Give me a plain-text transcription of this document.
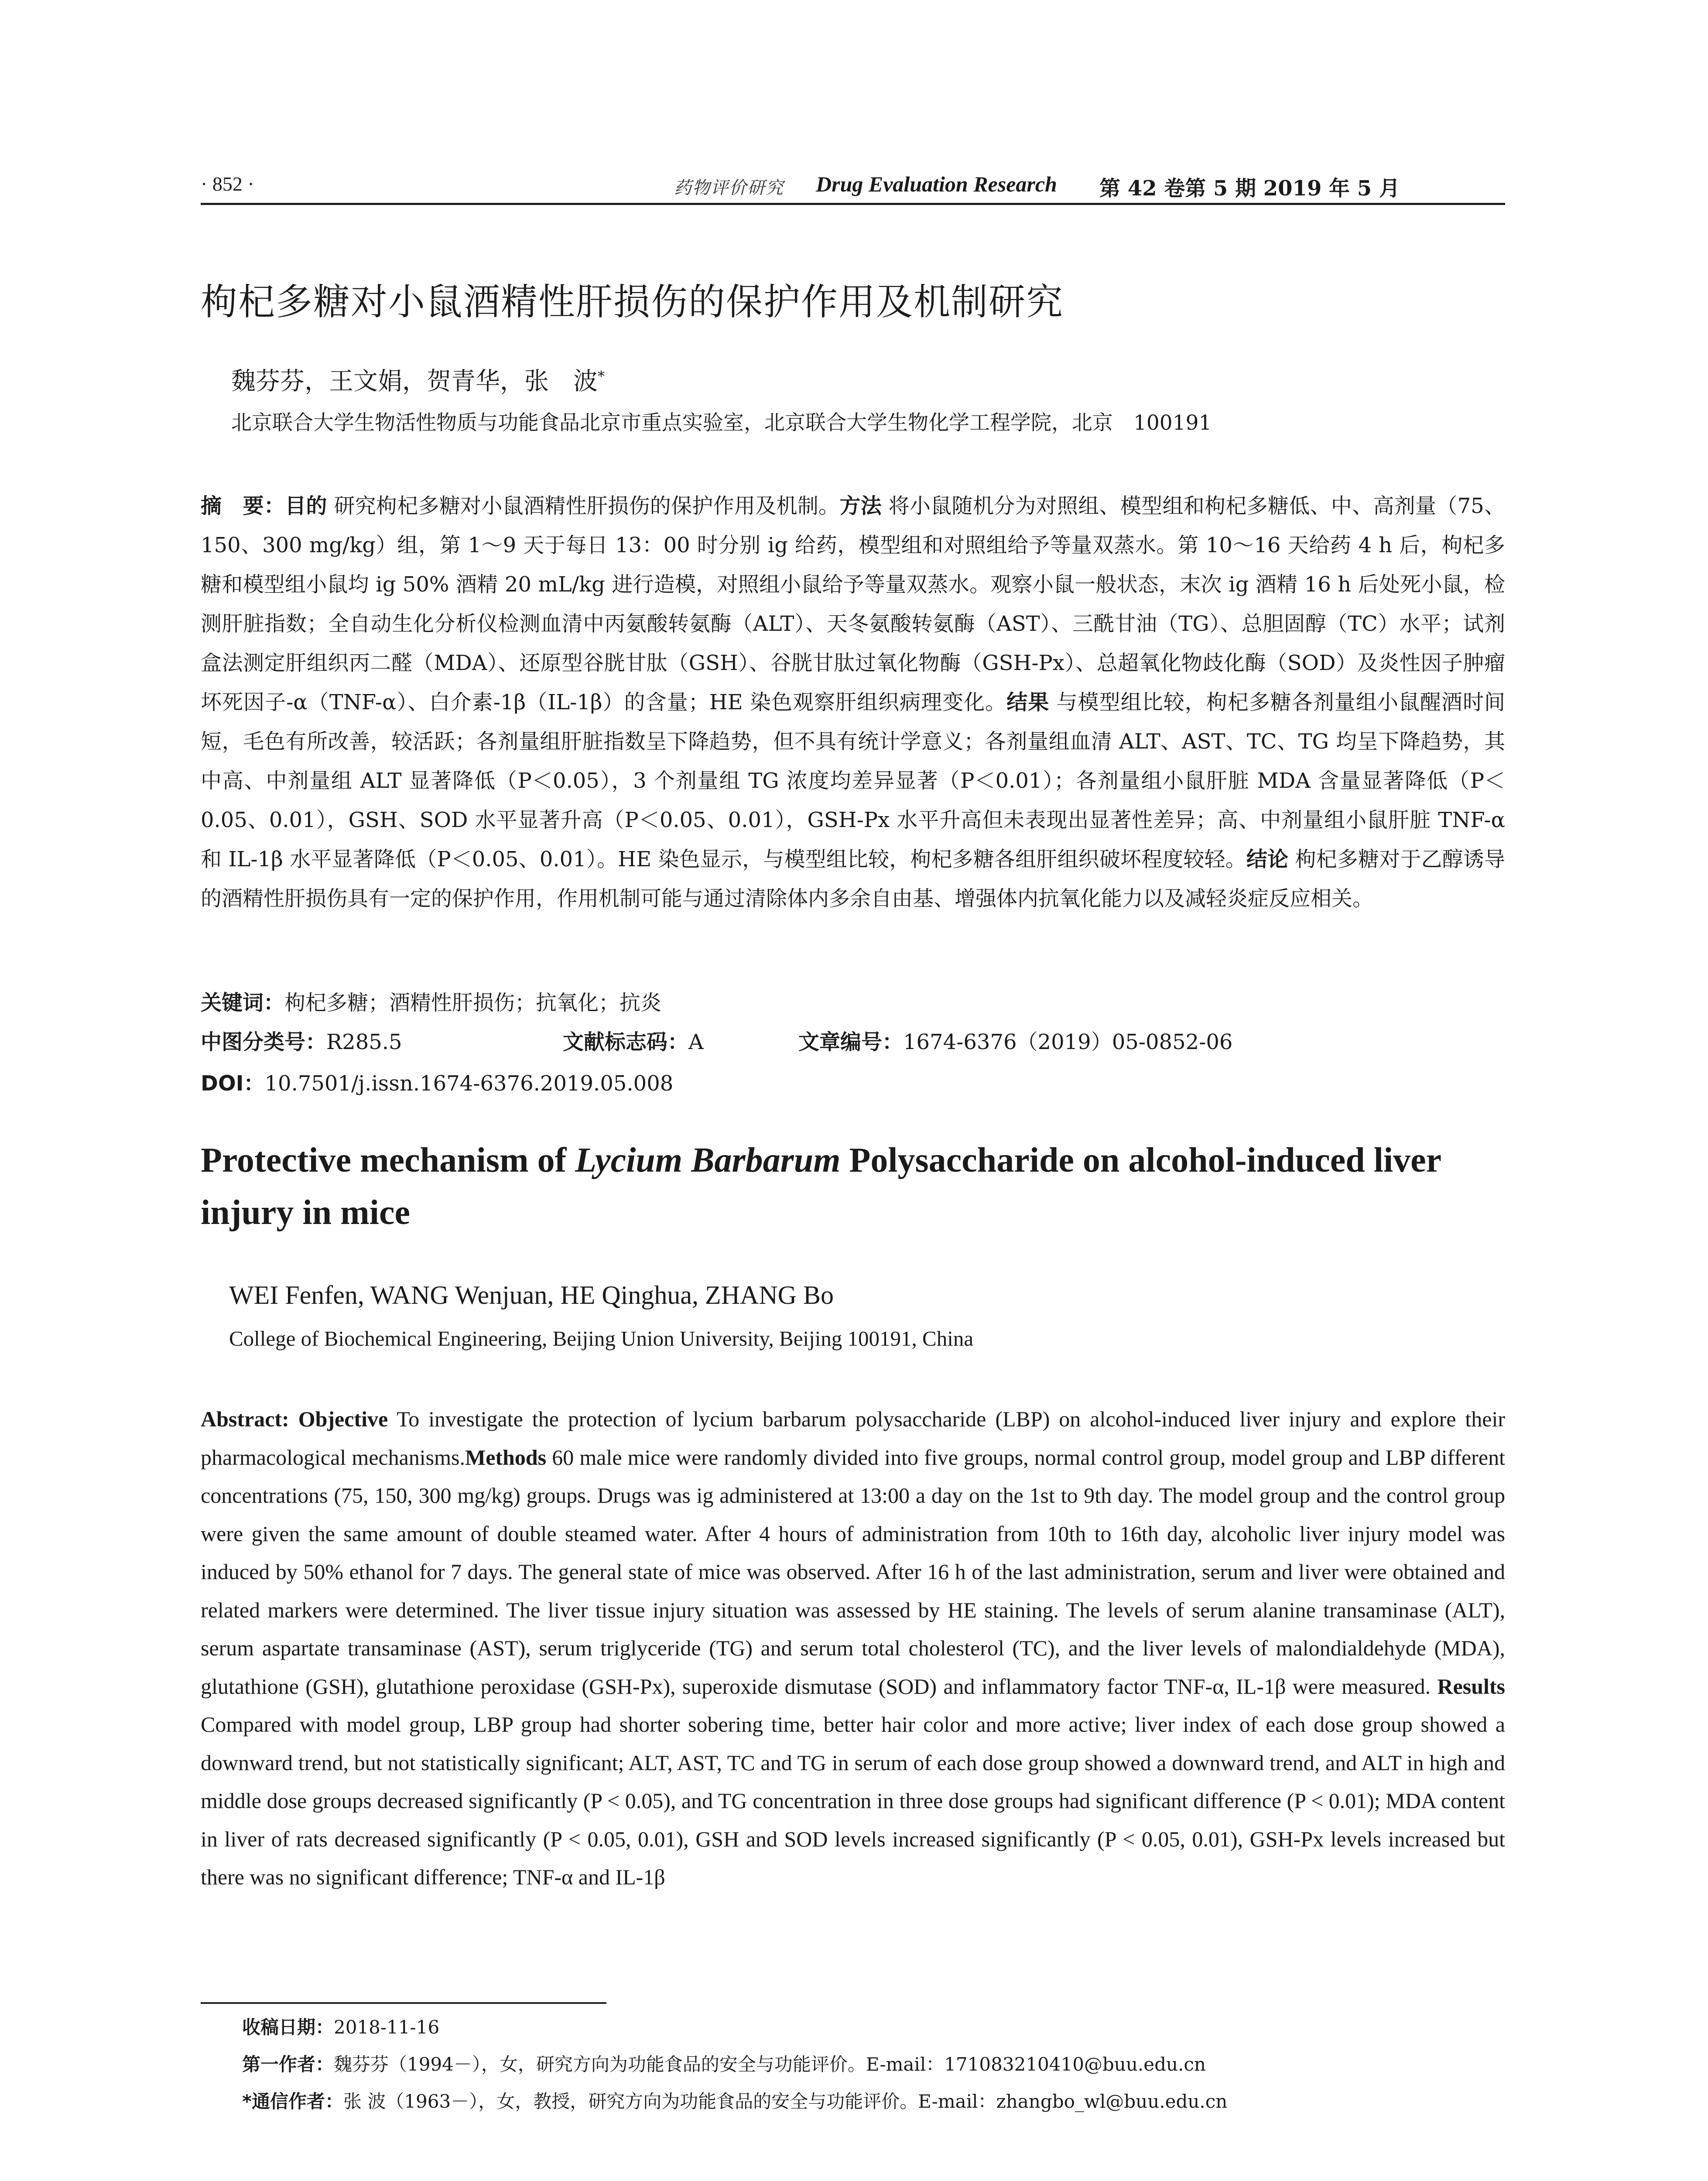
· 852 ·	药物评价研究 Drug Evaluation Research 第 42 卷第 5 期 2019 年 5 月
枸杞多糖对小鼠酒精性肝损伤的保护作用及机制研究
魏芬芬，王文娟，贺青华，张　波*
北京联合大学生物活性物质与功能食品北京市重点实验室，北京联合大学生物化学工程学院，北京　100191
摘　要：目的 研究枸杞多糖对小鼠酒精性肝损伤的保护作用及机制。方法 将小鼠随机分为对照组、模型组和枸杞多糖低、中、高剂量（75、150、300 mg/kg）组，第 1～9 天于每日 13：00 时分别 ig 给药，模型组和对照组给予等量双蒸水。第 10～16 天给药 4 h 后，枸杞多糖和模型组小鼠均 ig 50% 酒精 20 mL/kg 进行造模，对照组小鼠给予等量双蒸水。观察小鼠一般状态，末次 ig 酒精 16 h 后处死小鼠，检测肝脏指数；全自动生化分析仪检测血清中丙氨酸转氨酶（ALT）、天冬氨酸转氨酶（AST）、三酰甘油（TG）、总胆固醇（TC）水平；试剂盒法测定肝组织丙二醛（MDA）、还原型谷胱甘肽（GSH）、谷胱甘肽过氧化物酶（GSH-Px）、总超氧化物歧化酶（SOD）及炎性因子肿瘤坏死因子-α（TNF-α）、白介素-1β（IL-1β）的含量；HE 染色观察肝组织病理变化。结果 与模型组比较，枸杞多糖各剂量组小鼠醒酒时间短，毛色有所改善，较活跃；各剂量组肝脏指数呈下降趋势，但不具有统计学意义；各剂量组血清 ALT、AST、TC、TG 均呈下降趋势，其中高、中剂量组 ALT 显著降低（P＜0.05），3 个剂量组 TG 浓度均差异显著（P＜0.01）；各剂量组小鼠肝脏 MDA 含量显著降低（P＜0.05、0.01），GSH、SOD 水平显著升高（P＜0.05、0.01），GSH-Px 水平升高但未表现出显著性差异；高、中剂量组小鼠肝脏 TNF-α 和 IL-1β 水平显著降低（P＜0.05、0.01）。HE 染色显示，与模型组比较，枸杞多糖各组肝组织破坏程度较轻。结论 枸杞多糖对于乙醇诱导的酒精性肝损伤具有一定的保护作用，作用机制可能与通过清除体内多余自由基、增强体内抗氧化能力以及减轻炎症反应相关。
关键词：枸杞多糖；酒精性肝损伤；抗氧化；抗炎
中图分类号：R285.5	文献标志码：A	文章编号：1674-6376（2019）05-0852-06
DOI：10.7501/j.issn.1674-6376.2019.05.008
Protective mechanism of Lycium Barbarum Polysaccharide on alcohol-induced liver injury in mice
WEI Fenfen, WANG Wenjuan, HE Qinghua, ZHANG Bo
College of Biochemical Engineering, Beijing Union University, Beijing 100191, China
Abstract: Objective To investigate the protection of lycium barbarum polysaccharide (LBP) on alcohol-induced liver injury and explore their pharmacological mechanisms.Methods 60 male mice were randomly divided into five groups, normal control group, model group and LBP different concentrations (75, 150, 300 mg/kg) groups. Drugs was ig administered at 13:00 a day on the 1st to 9th day. The model group and the control group were given the same amount of double steamed water. After 4 hours of administration from 10th to 16th day, alcoholic liver injury model was induced by 50% ethanol for 7 days. The general state of mice was observed. After 16 h of the last administration, serum and liver were obtained and related markers were determined. The liver tissue injury situation was assessed by HE staining. The levels of serum alanine transaminase (ALT), serum aspartate transaminase (AST), serum triglyceride (TG) and serum total cholesterol (TC), and the liver levels of malondialdehyde (MDA), glutathione (GSH), glutathione peroxidase (GSH-Px), superoxide dismutase (SOD) and inflammatory factor TNF-α, IL-1β were measured. Results Compared with model group, LBP group had shorter sobering time, better hair color and more active; liver index of each dose group showed a downward trend, but not statistically significant; ALT, AST, TC and TG in serum of each dose group showed a downward trend, and ALT in high and middle dose groups decreased significantly (P < 0.05), and TG concentration in three dose groups had significant difference (P < 0.01); MDA content in liver of rats decreased significantly (P < 0.05, 0.01), GSH and SOD levels increased significantly (P < 0.05, 0.01), GSH-Px levels increased but there was no significant difference; TNF-α and IL-1β
收稿日期：2018-11-16
第一作者：魏芬芬（1994－），女，研究方向为功能食品的安全与功能评价。E-mail：171083210410@buu.edu.cn
*通信作者：张 波（1963－），女，教授，研究方向为功能食品的安全与功能评价。E-mail：zhangbo_wl@buu.edu.cn
